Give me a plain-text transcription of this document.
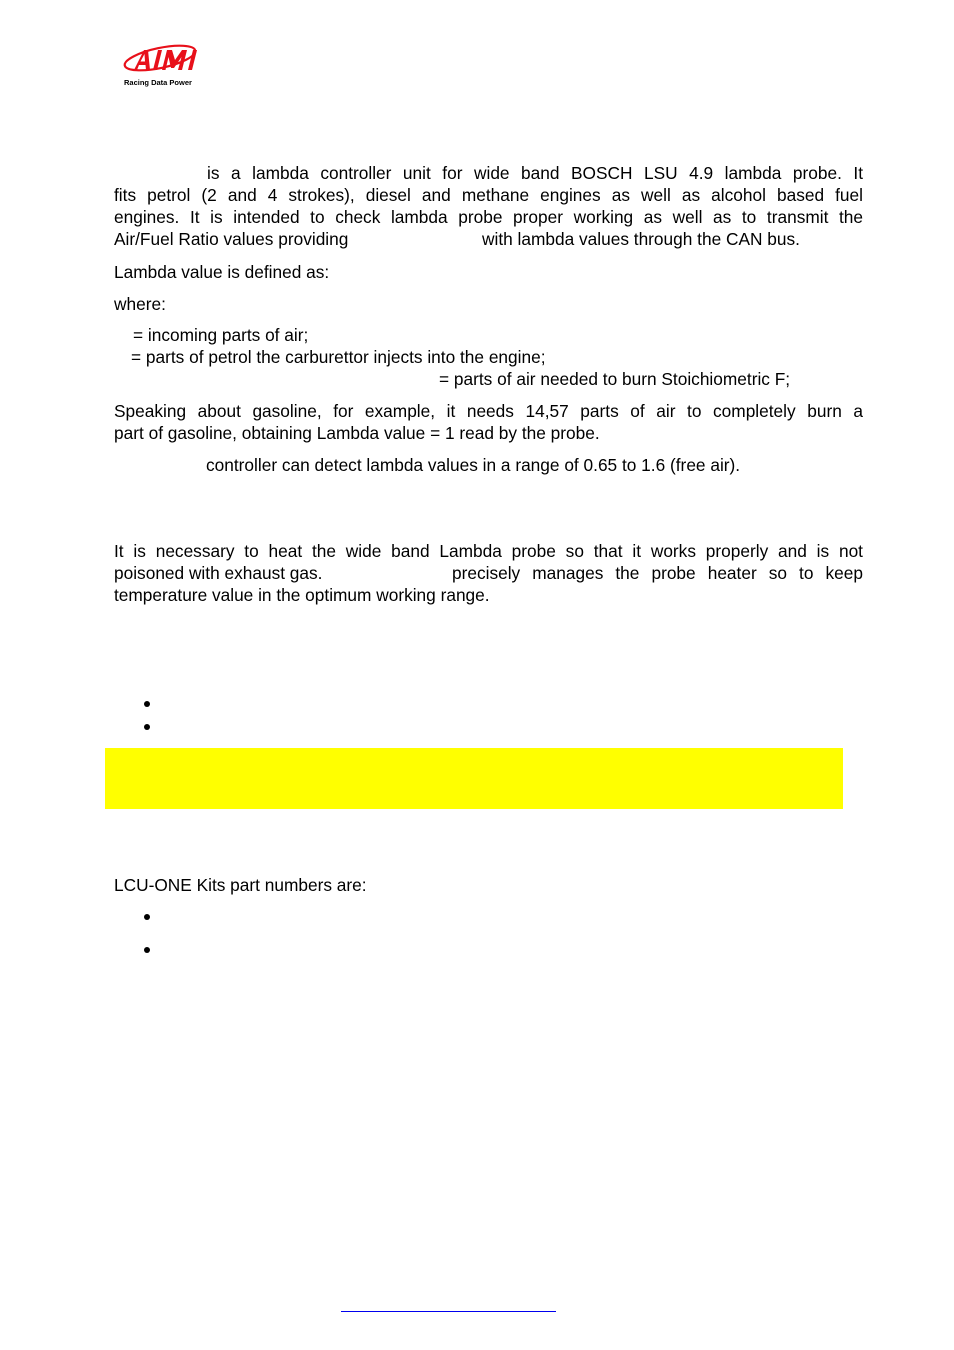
Racing Data Power
is a lambda controller unit for wide band BOSCH LSU 4.9 lambda probe. It
fits petrol (2 and 4 strokes), diesel and methane engines as well as alcohol based fuel
engines. It is intended to check lambda probe proper working as well as to transmit the
Air/Fuel Ratio values providing	with lambda values through the CAN bus.
Lambda value is defined as:
where:
= incoming parts of air;
= parts of petrol the carburettor injects into the engine;
= parts of air needed to burn Stoichiometric F;
Speaking about gasoline, for example, it needs 14,57 parts of air to completely burn a
part of gasoline, obtaining Lambda value = 1 read by the probe.
controller can detect lambda values in a range of 0.65 to 1.6 (free air).
It is necessary to heat the wide band Lambda probe so that it works properly and is not
poisoned with exhaust gas.	precisely manages the probe heater so to keep
temperature value in the optimum working range.
LCU-ONE Kits part numbers are:
